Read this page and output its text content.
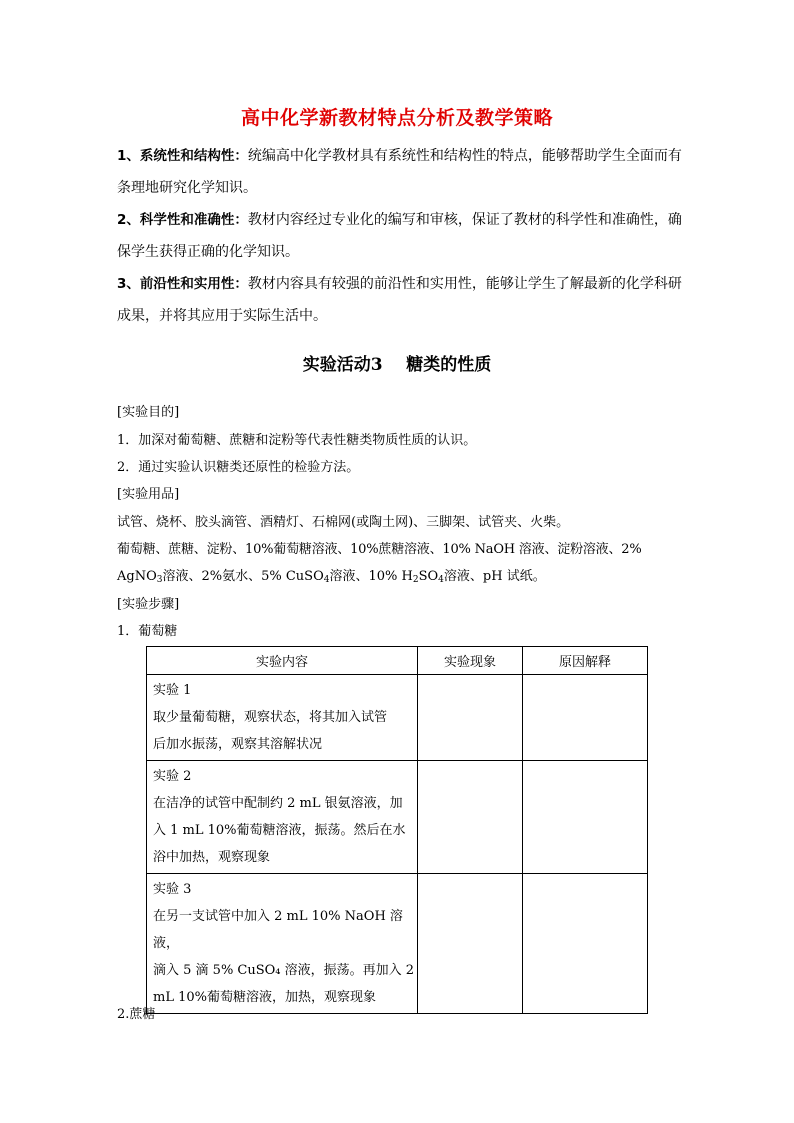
高中化学新教材特点分析及教学策略

1、系统性和结构性：统编高中化学教材具有系统性和结构性的特点，能够帮助学生全面而有条理地研究化学知识。

2、科学性和准确性：教材内容经过专业化的编写和审核，保证了教材的科学性和准确性，确保学生获得正确的化学知识。

3、前沿性和实用性：教材内容具有较强的前沿性和实用性，能够让学生了解最新的化学科研成果，并将其应用于实际生活中。

实验活动3 糖类的性质
[实验目的]
1．加深对葡萄糖、蔗糖和淀粉等代表性糖类物质性质的认识。
2．通过实验认识糖类还原性的检验方法。
[实验用品]
试管、烧杯、胶头滴管、酒精灯、石棉网(或陶土网)、三脚架、试管夹、火柴。
葡萄糖、蔗糖、淀粉、10%葡萄糖溶液、10%蔗糖溶液、10% NaOH 溶液、淀粉溶液、2%
AgNO$_3$溶液、2%氨水、5% CuSO$_4$溶液、10% $H_2SO_4$溶液、pH 试纸。
[实验步骤]
1．葡萄糖
实验内容	实验现象	原因解释

实验 1
取少量葡萄糖，观察状态，将其加入试管
后加水振荡，观察其溶解状况		

实验 2
在洁净的试管中配制约 2 mL 银氨溶液，加
入 1 mL 10%葡萄糖溶液，振荡。然后在水
浴中加热，观察现象		

实验 3
在另一支试管中加入 2 mL 10% NaOH 溶液，
滴入 5 滴 5% CuSO₄ 溶液，振荡。再加入 2
mL 10%葡萄糖溶液，加热，观察现象		

2.蔗糖
